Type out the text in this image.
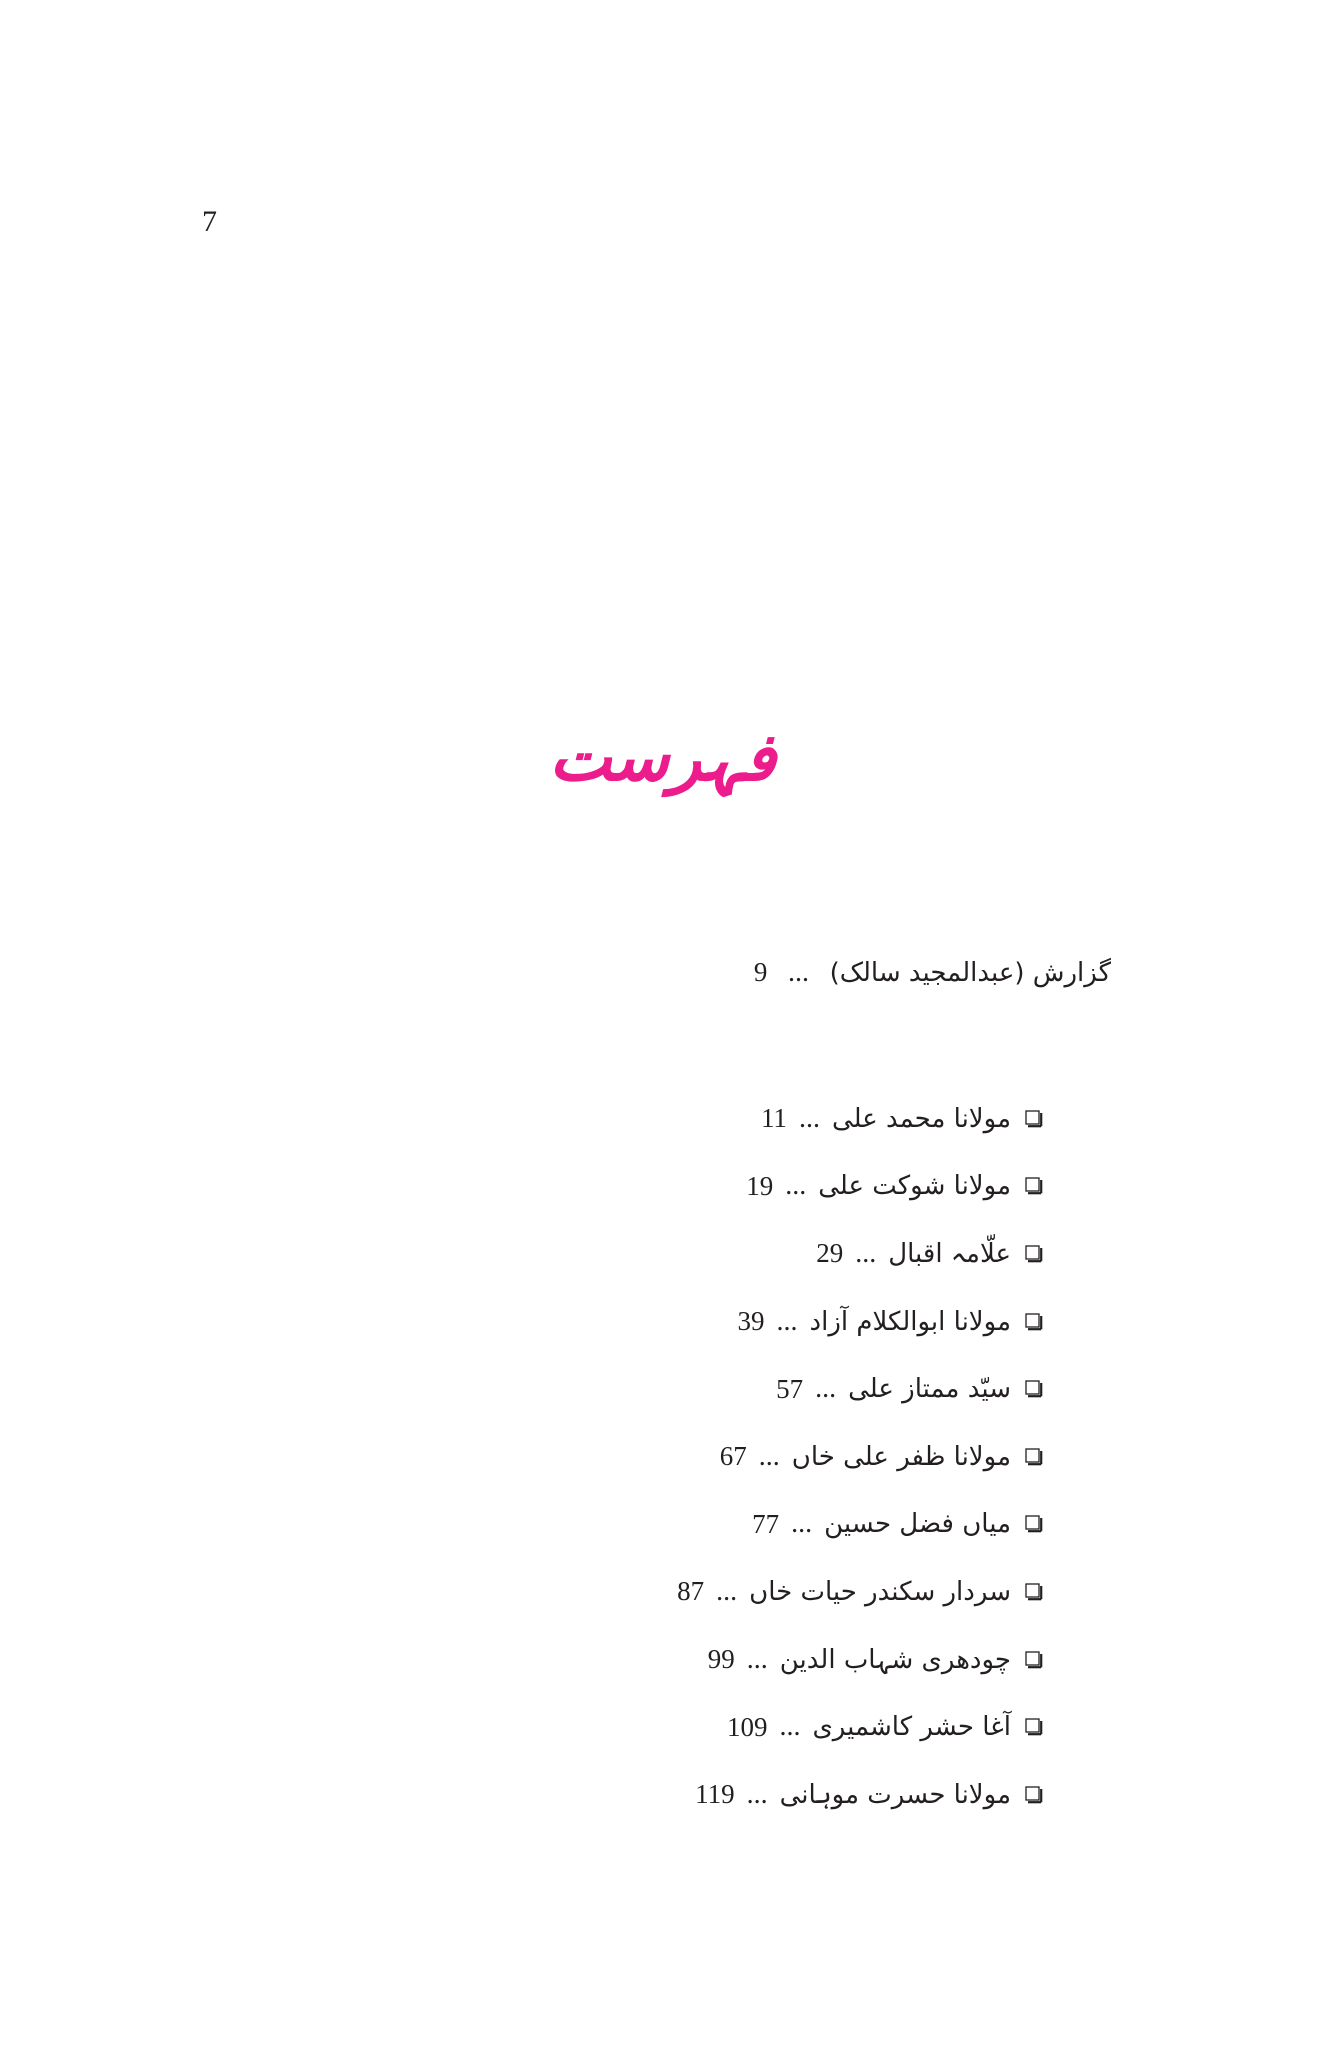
7
فہرست
گزارش (عبدالمجید سالک) ... 9
مولانا محمد علی
...
11
مولانا شوکت علی
...
19
علّامہ اقبال
...
29
مولانا ابوالکلام آزاد
...
39
سیّد ممتاز علی
...
57
مولانا ظفر علی خاں
...
67
میاں فضل حسین
...
77
سردار سکندر حیات خاں
...
87
چودھری شہاب الدین
...
99
آغا حشر کاشمیری
...
109
مولانا حسرت موہانی
...
119
